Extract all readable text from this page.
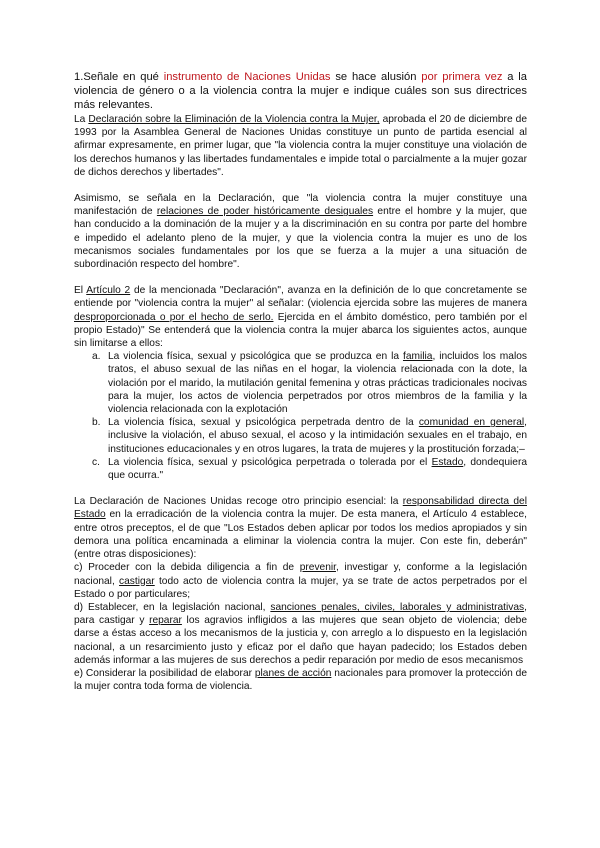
1.Señale en qué instrumento de Naciones Unidas se hace alusión por primera vez a la violencia de género o a la violencia contra la mujer e indique cuáles son sus directrices más relevantes.

La Declaración sobre la Eliminación de la Violencia contra la Mujer, aprobada el 20 de diciembre de 1993 por la Asamblea General de Naciones Unidas constituye un punto de partida esencial al afirmar expresamente, en primer lugar, que "la violencia contra la mujer constituye una violación de los derechos humanos y las libertades fundamentales e impide total o parcialmente a la mujer gozar de dichos derechos y libertades".

Asimismo, se señala en la Declaración, que "la violencia contra la mujer constituye una manifestación de relaciones de poder históricamente desiguales entre el hombre y la mujer, que han conducido a la dominación de la mujer y a la discriminación en su contra por parte del hombre e impedido el adelanto pleno de la mujer, y que la violencia contra la mujer es uno de los mecanismos sociales fundamentales por los que se fuerza a la mujer a una situación de subordinación respecto del hombre".

El Artículo 2 de la mencionada "Declaración", avanza en la definición de lo que concretamente se entiende por "violencia contra la mujer" al señalar: (violencia ejercida sobre las mujeres de manera desproporcionada o por el hecho de serlo. Ejercida en el ámbito doméstico, pero también por el propio Estado)" Se entenderá que la violencia contra la mujer abarca los siguientes actos, aunque sin limitarse a ellos:

a. La violencia física, sexual y psicológica que se produzca en la familia, incluidos los malos tratos, el abuso sexual de las niñas en el hogar, la violencia relacionada con la dote, la violación por el marido, la mutilación genital femenina y otras prácticas tradicionales nocivas para la mujer, los actos de violencia perpetrados por otros miembros de la familia y la violencia relacionada con la explotación
b. La violencia física, sexual y psicológica perpetrada dentro de la comunidad en general, inclusive la violación, el abuso sexual, el acoso y la intimidación sexuales en el trabajo, en instituciones educacionales y en otros lugares, la trata de mujeres y la prostitución forzada;–
c. La violencia física, sexual y psicológica perpetrada o tolerada por el Estado, dondequiera que ocurra."

La Declaración de Naciones Unidas recoge otro principio esencial: la responsabilidad directa del Estado en la erradicación de la violencia contra la mujer. De esta manera, el Artículo 4 establece, entre otros preceptos, el de que "Los Estados deben aplicar por todos los medios apropiados y sin demora una política encaminada a eliminar la violencia contra la mujer. Con este fin, deberán" (entre otras disposiciones):

c) Proceder con la debida diligencia a fin de prevenir, investigar y, conforme a la legislación nacional, castigar todo acto de violencia contra la mujer, ya se trate de actos perpetrados por el Estado o por particulares;

d) Establecer, en la legislación nacional, sanciones penales, civiles, laborales y administrativas, para castigar y reparar los agravios infligidos a las mujeres que sean objeto de violencia; debe darse a éstas acceso a los mecanismos de la justicia y, con arreglo a lo dispuesto en la legislación nacional, a un resarcimiento justo y eficaz por el daño que hayan padecido; los Estados deben además informar a las mujeres de sus derechos a pedir reparación por medio de esos mecanismos

e) Considerar la posibilidad de elaborar planes de acción nacionales para promover la protección de la mujer contra toda forma de violencia.
